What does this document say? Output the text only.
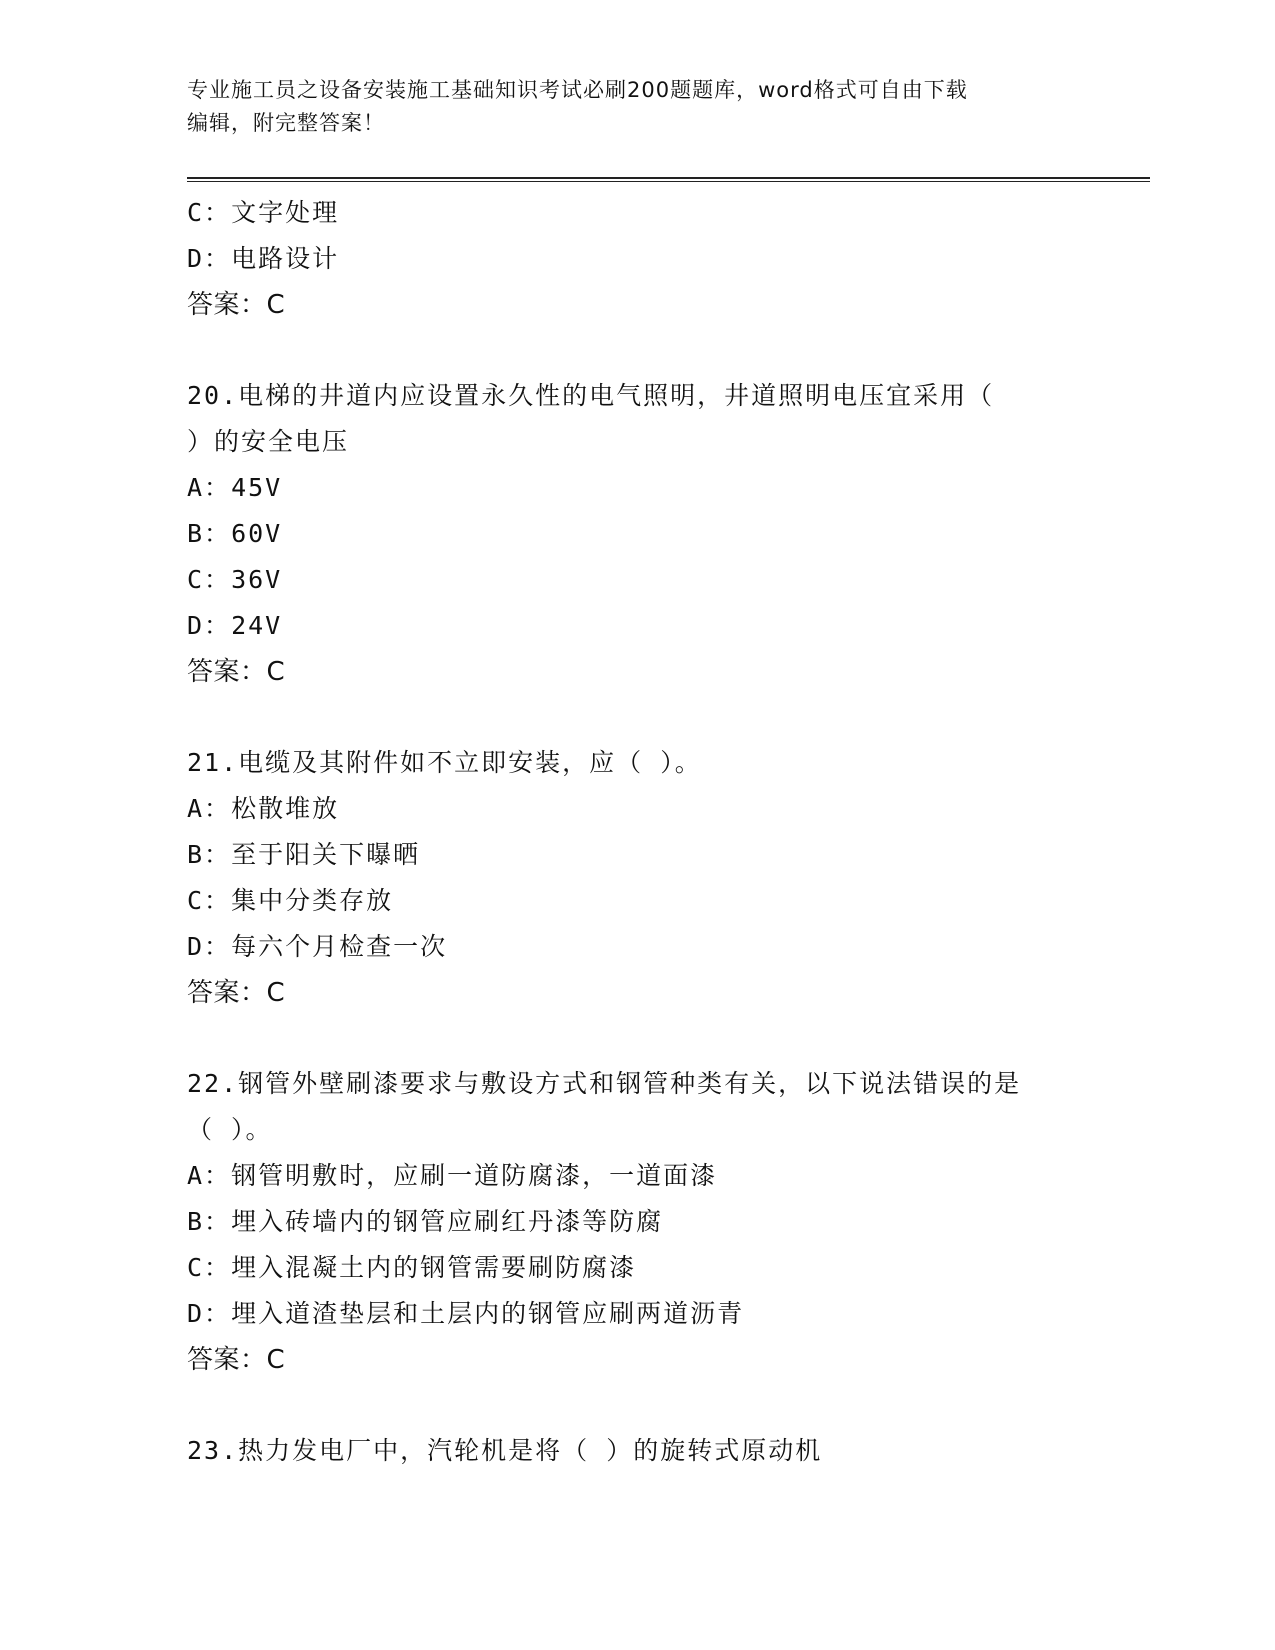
专业施工员之设备安装施工基础知识考试必刷200题题库，word格式可自由下载
编辑，附完整答案！
C：文字处理
D：电路设计
答案：C
20.电梯的井道内应设置永久性的电气照明，井道照明电压宜采用（
）的安全电压
A：45V
B：60V
C：36V
D：24V
答案：C
21.电缆及其附件如不立即安装，应（ ）。
A：松散堆放
B：至于阳关下曝晒
C：集中分类存放
D：每六个月检查一次
答案：C
22.钢管外壁刷漆要求与敷设方式和钢管种类有关，以下说法错误的是
（ ）。
A：钢管明敷时，应刷一道防腐漆，一道面漆
B：埋入砖墙内的钢管应刷红丹漆等防腐
C：埋入混凝土内的钢管需要刷防腐漆
D：埋入道渣垫层和土层内的钢管应刷两道沥青
答案：C
23.热力发电厂中，汽轮机是将（ ）的旋转式原动机
